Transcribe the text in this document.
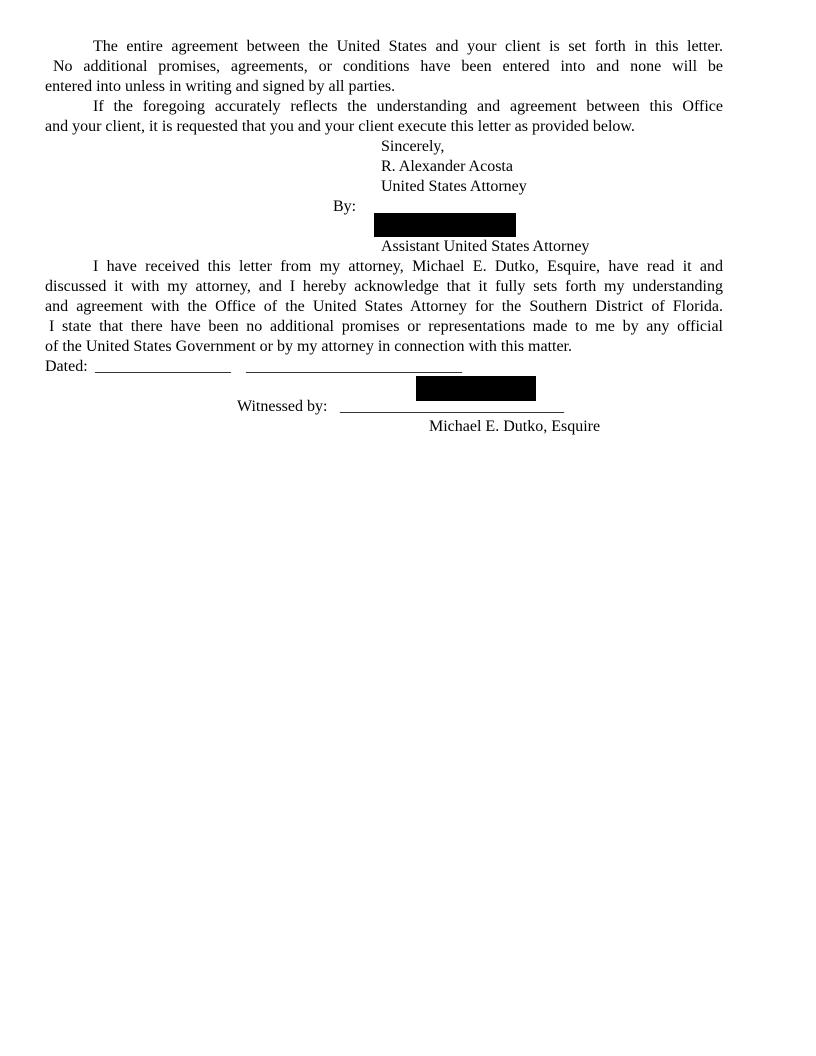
The entire agreement between the United States and your client is set forth in this letter.
No additional promises, agreements, or conditions have been entered into and none will be
entered into unless in writing and signed by all parties.
If the foregoing accurately reflects the understanding and agreement between this Office
and your client, it is requested that you and your client execute this letter as provided below.
Sincerely,
R. Alexander Acosta
United States Attorney
By:
Assistant United States Attorney
I have received this letter from my attorney, Michael E. Dutko, Esquire, have read it and
discussed it with my attorney, and I hereby acknowledge that it fully sets forth my understanding
and agreement with the Office of the United States Attorney for the Southern District of Florida.
I state that there have been no additional promises or representations made to me by any official
of the United States Government or by my attorney in connection with this matter.
Dated: _________________ ___________________________
Witnessed by: ____________________________
Michael E. Dutko, Esquire
